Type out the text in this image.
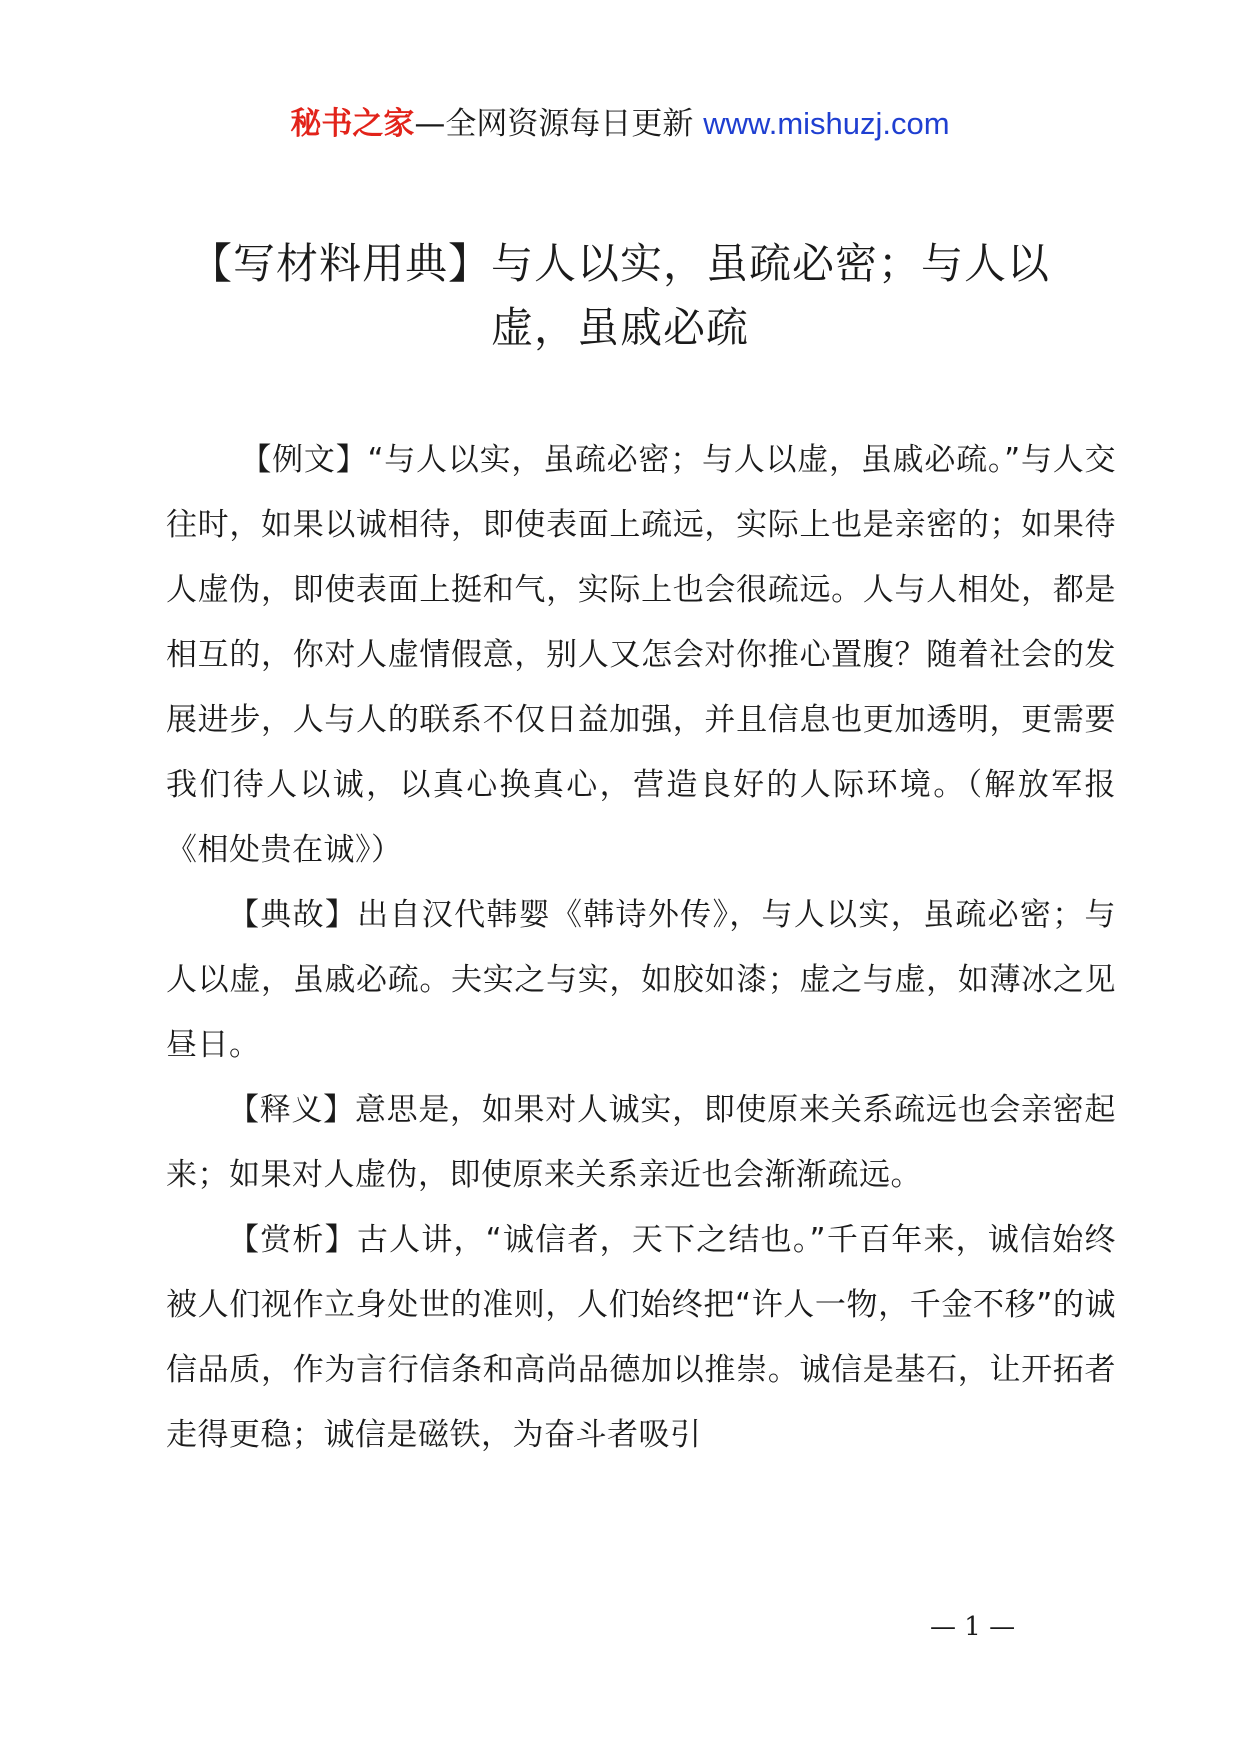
秘书之家—全网资源每日更新 www.mishuzj.com
【写材料用典】与人以实，虽疏必密；与人以虚，虽戚必疏

【例文】“与人以实，虽疏必密；与人以虚，虽戚必疏。”与人交往时，如果以诚相待，即使表面上疏远，实际上也是亲密的；如果待人虚伪，即使表面上挺和气，实际上也会很疏远。人与人相处，都是相互的，你对人虚情假意，别人又怎会对你推心置腹？随着社会的发展进步，人与人的联系不仅日益加强，并且信息也更加透明，更需要我们待人以诚，以真心换真心，营造良好的人际环境。（解放军报《相处贵在诚》）

【典故】出自汉代韩婴《韩诗外传》，与人以实，虽疏必密；与人以虚，虽戚必疏。夫实之与实，如胶如漆；虚之与虚，如薄冰之见昼日。

【释义】意思是，如果对人诚实，即使原来关系疏远也会亲密起来；如果对人虚伪，即使原来关系亲近也会渐渐疏远。

【赏析】古人讲，“诚信者，天下之结也。”千百年来，诚信始终被人们视作立身处世的准则，人们始终把“许人一物，千金不移”的诚信品质，作为言行信条和高尚品德加以推崇。诚信是基石，让开拓者走得更稳；诚信是磁铁，为奋斗者吸引

— 1 —
